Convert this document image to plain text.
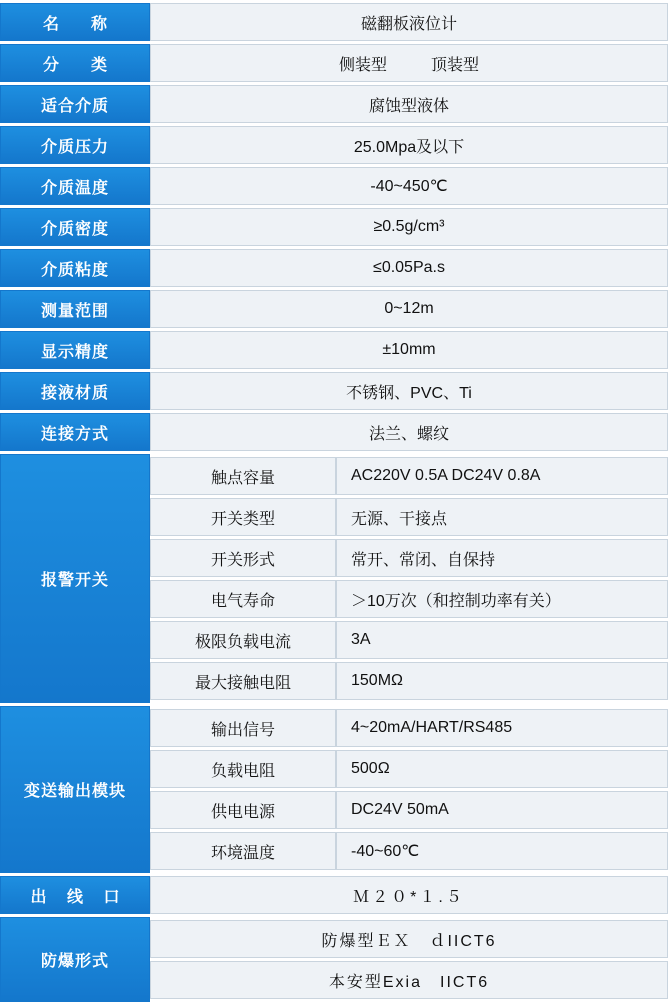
名　称	磁翻板液位计
分　类	侧装型	顶装型

适合介质	腐蚀型液体
介质压力	25.0Mpa及以下
介质温度	-40~450℃
介质密度	≥0.5g/cm³
介质粘度	≤0.05Pa.s
测量范围	0~12m
显示精度	±10mm
接液材质	不锈钢、PVC、Ti
连接方式	法兰、螺纹
报警开关	
触点容量	AC220V 0.5A DC24V 0.8A
开关类型	无源、干接点
开关形式	常开、常闭、自保持
电气寿命	＞10万次（和控制功率有关）
极限负载电流	3A
最大接触电阻	150MΩ

变送输出模块	
输出信号	4~20mA/HART/RS485
负载电阻	500Ω
供电电源	DC24V 50mA
环境温度	-40~60℃

出 线 口	Ｍ２０*１.５
防爆形式	
防爆型ＥＸ　ｄIICT6
本安型Exia　IICT6
